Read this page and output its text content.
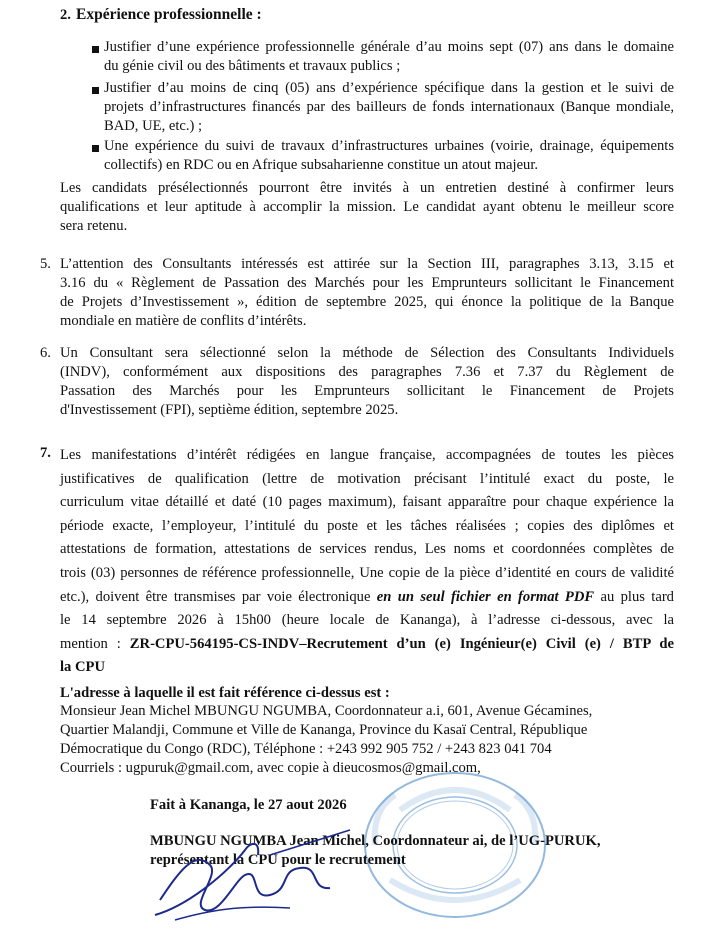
2. Expérience professionnelle :
Justifier d’une expérience professionnelle générale d’au moins sept (07) ans dans le domaine
du génie civil ou des bâtiments et travaux publics ;
Justifier d’au moins de cinq (05) ans d’expérience spécifique dans la gestion et le suivi de
projets d’infrastructures financés par des bailleurs de fonds internationaux (Banque mondiale,
BAD, UE, etc.) ;
Une expérience du suivi de travaux d’infrastructures urbaines (voirie, drainage, équipements
collectifs) en RDC ou en Afrique subsaharienne constitue un atout majeur.
Les candidats présélectionnés pourront être invités à un entretien destiné à confirmer leurs
qualifications et leur aptitude à accomplir la mission. Le candidat ayant obtenu le meilleur score
sera retenu.
5. L’attention des Consultants intéressés est attirée sur la Section III, paragraphes 3.13, 3.15 et
3.16 du « Règlement de Passation des Marchés pour les Emprunteurs sollicitant le Financement
de Projets d’Investissement », édition de septembre 2025, qui énonce la politique de la Banque
mondiale en matière de conflits d’intérêts.
6. Un Consultant sera sélectionné selon la méthode de Sélection des Consultants Individuels
(INDV), conformément aux dispositions des paragraphes 7.36 et 7.37 du Règlement de
Passation des Marchés pour les Emprunteurs sollicitant le Financement de Projets
d'Investissement (FPI), septième édition, septembre 2025.
7. Les manifestations d’intérêt rédigées en langue française, accompagnées de toutes les pièces
justificatives de qualification (lettre de motivation précisant l’intitulé exact du poste, le
curriculum vitae détaillé et daté (10 pages maximum), faisant apparaître pour chaque expérience la
période exacte, l’employeur, l’intitulé du poste et les tâches réalisées ; copies des diplômes et
attestations de formation, attestations de services rendus, Les noms et coordonnées complètes de
trois (03) personnes de référence professionnelle, Une copie de la pièce d’identité en cours de validité
etc.), doivent être transmises par voie électronique en un seul fichier en format PDF au plus tard
le 14 septembre 2026 à 15h00 (heure locale de Kananga), à l’adresse ci-dessous, avec la
mention : ZR-CPU-564195-CS-INDV–Recrutement d’un (e) Ingénieur(e) Civil (e) / BTP de
la CPU
L'adresse à laquelle il est fait référence ci-dessus est :
Monsieur Jean Michel MBUNGU NGUMBA, Coordonnateur a.i, 601, Avenue Gécamines,
Quartier Malandji, Commune et Ville de Kananga, Province du Kasaï Central, République
Démocratique du Congo (RDC), Téléphone : +243 992 905 752 / +243 823 041 704
Courriels : ugpuruk@gmail.com, avec copie à dieucosmos@gmail.com,
Fait à Kananga, le 27 aout 2026
MBUNGU NGUMBA Jean Michel, Coordonnateur ai, de l’UG-PURUK,
représentant la CPU pour le recrutement
